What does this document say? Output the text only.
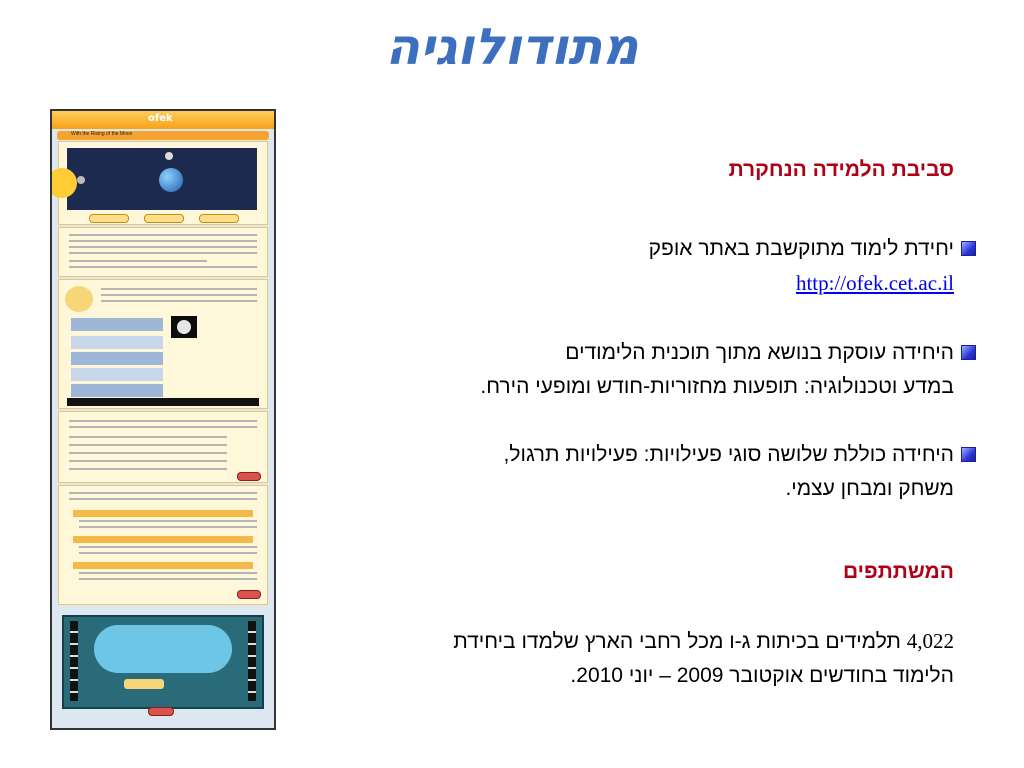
מתודולוגיה
סביבת הלמידה הנחקרת
יחידת לימוד מתוקשבת באתר אופק
http://ofek.cet.ac.il
היחידה עוסקת בנושא מתוך תוכנית הלימודים
במדע וטכנולוגיה: תופעות מחזוריות-חודש ומופעי הירח.
היחידה כוללת שלושה סוגי פעילויות: פעילויות תרגול,
משחק ומבחן עצמי.
המשתתפים
4,022 תלמידים בכיתות ג-ו מכל רחבי הארץ שלמדו ביחידת
הלימוד בחודשים אוקטובר 2009 – יוני 2010.
ofek
With the Rising of the Moon
